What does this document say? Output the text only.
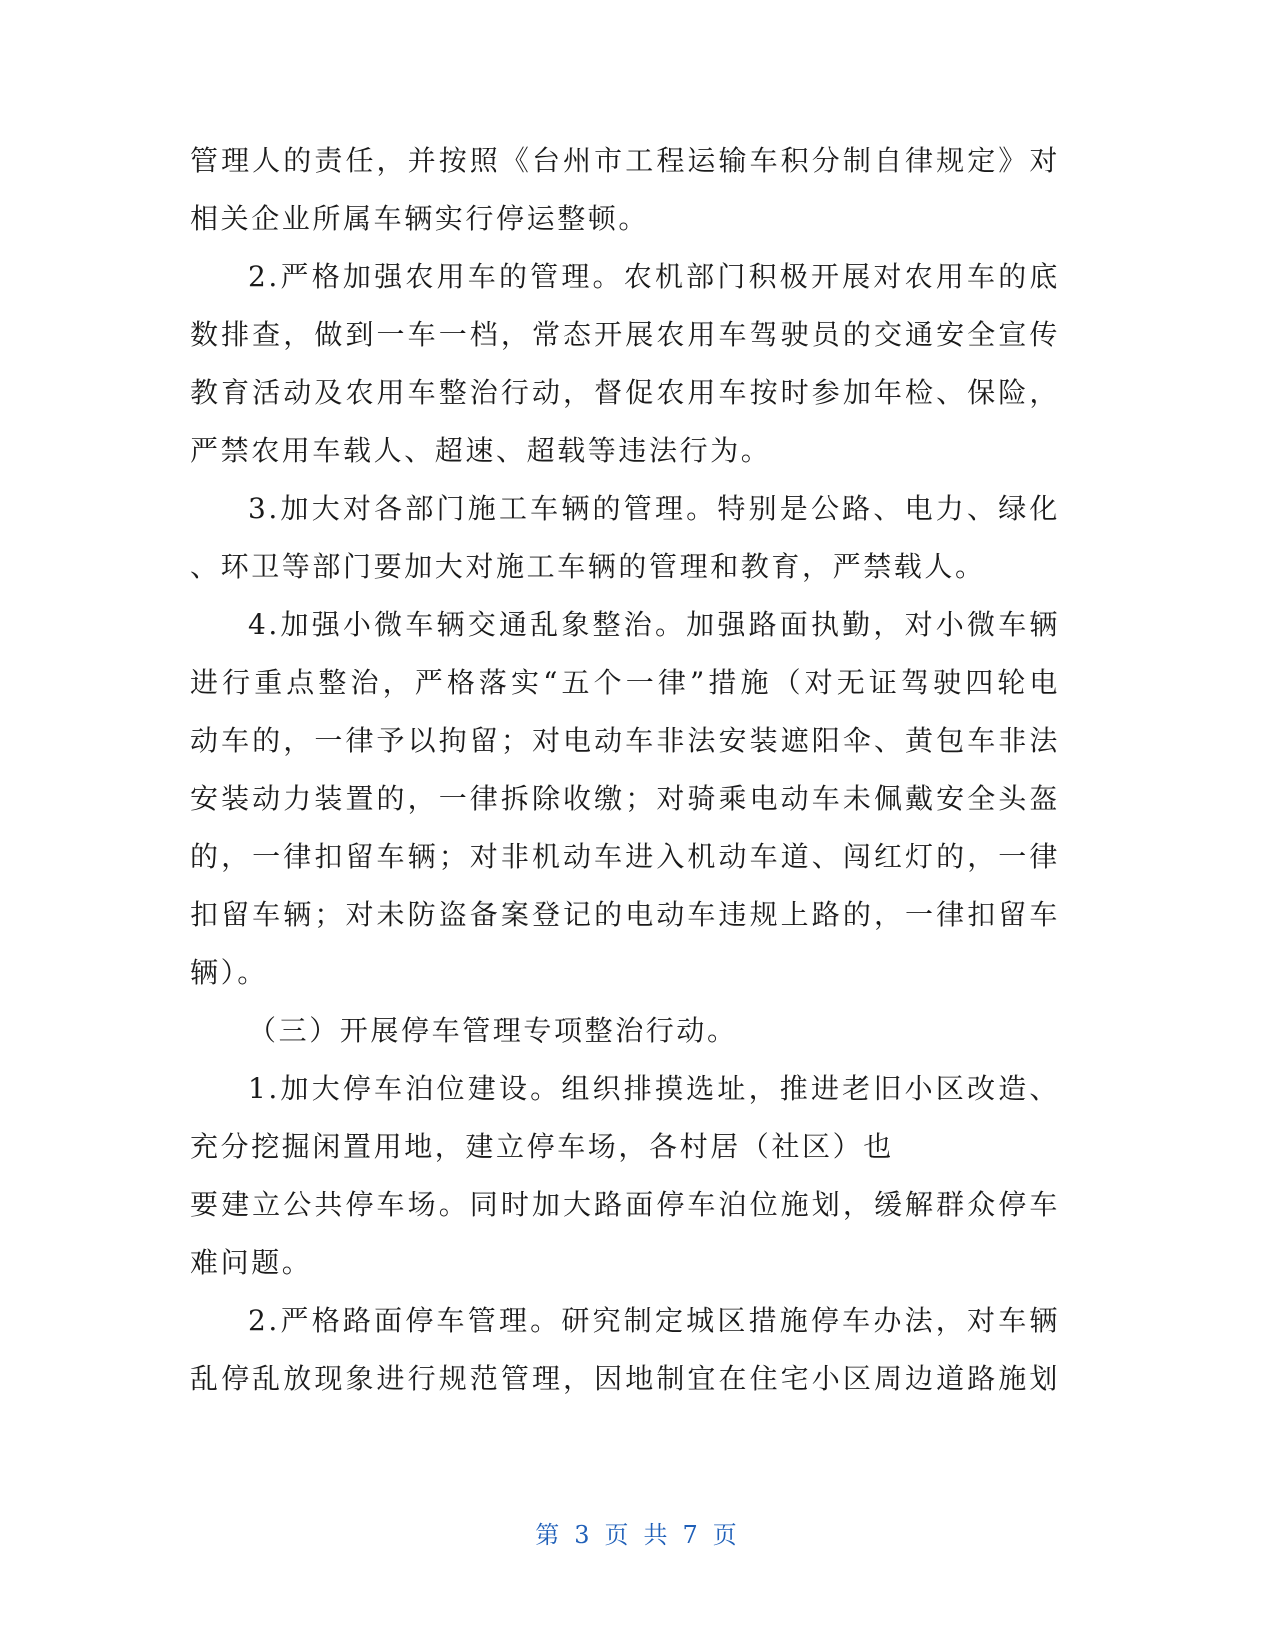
管理人的责任，并按照《台州市工程运输车积分制自律规定》对

相关企业所属车辆实行停运整顿。

2.严格加强农用车的管理。农机部门积极开展对农用车的底

数排查，做到一车一档，常态开展农用车驾驶员的交通安全宣传

教育活动及农用车整治行动，督促农用车按时参加年检、保险，

严禁农用车载人、超速、超载等违法行为。

3.加大对各部门施工车辆的管理。特别是公路、电力、绿化

、环卫等部门要加大对施工车辆的管理和教育，严禁载人。

4.加强小微车辆交通乱象整治。加强路面执勤，对小微车辆

进行重点整治，严格落实“五个一律”措施（对无证驾驶四轮电

动车的，一律予以拘留；对电动车非法安装遮阳伞、黄包车非法

安装动力装置的，一律拆除收缴；对骑乘电动车未佩戴安全头盔

的，一律扣留车辆；对非机动车进入机动车道、闯红灯的，一律

扣留车辆；对未防盗备案登记的电动车违规上路的，一律扣留车

辆）。

（三）开展停车管理专项整治行动。

1.加大停车泊位建设。组织排摸选址，推进老旧小区改造、

充分挖掘闲置用地，建立停车场，各村居（社区）也

要建立公共停车场。同时加大路面停车泊位施划，缓解群众停车

难问题。

2.严格路面停车管理。研究制定城区措施停车办法，对车辆

乱停乱放现象进行规范管理，因地制宜在住宅小区周边道路施划

第 3 页 共 7 页
